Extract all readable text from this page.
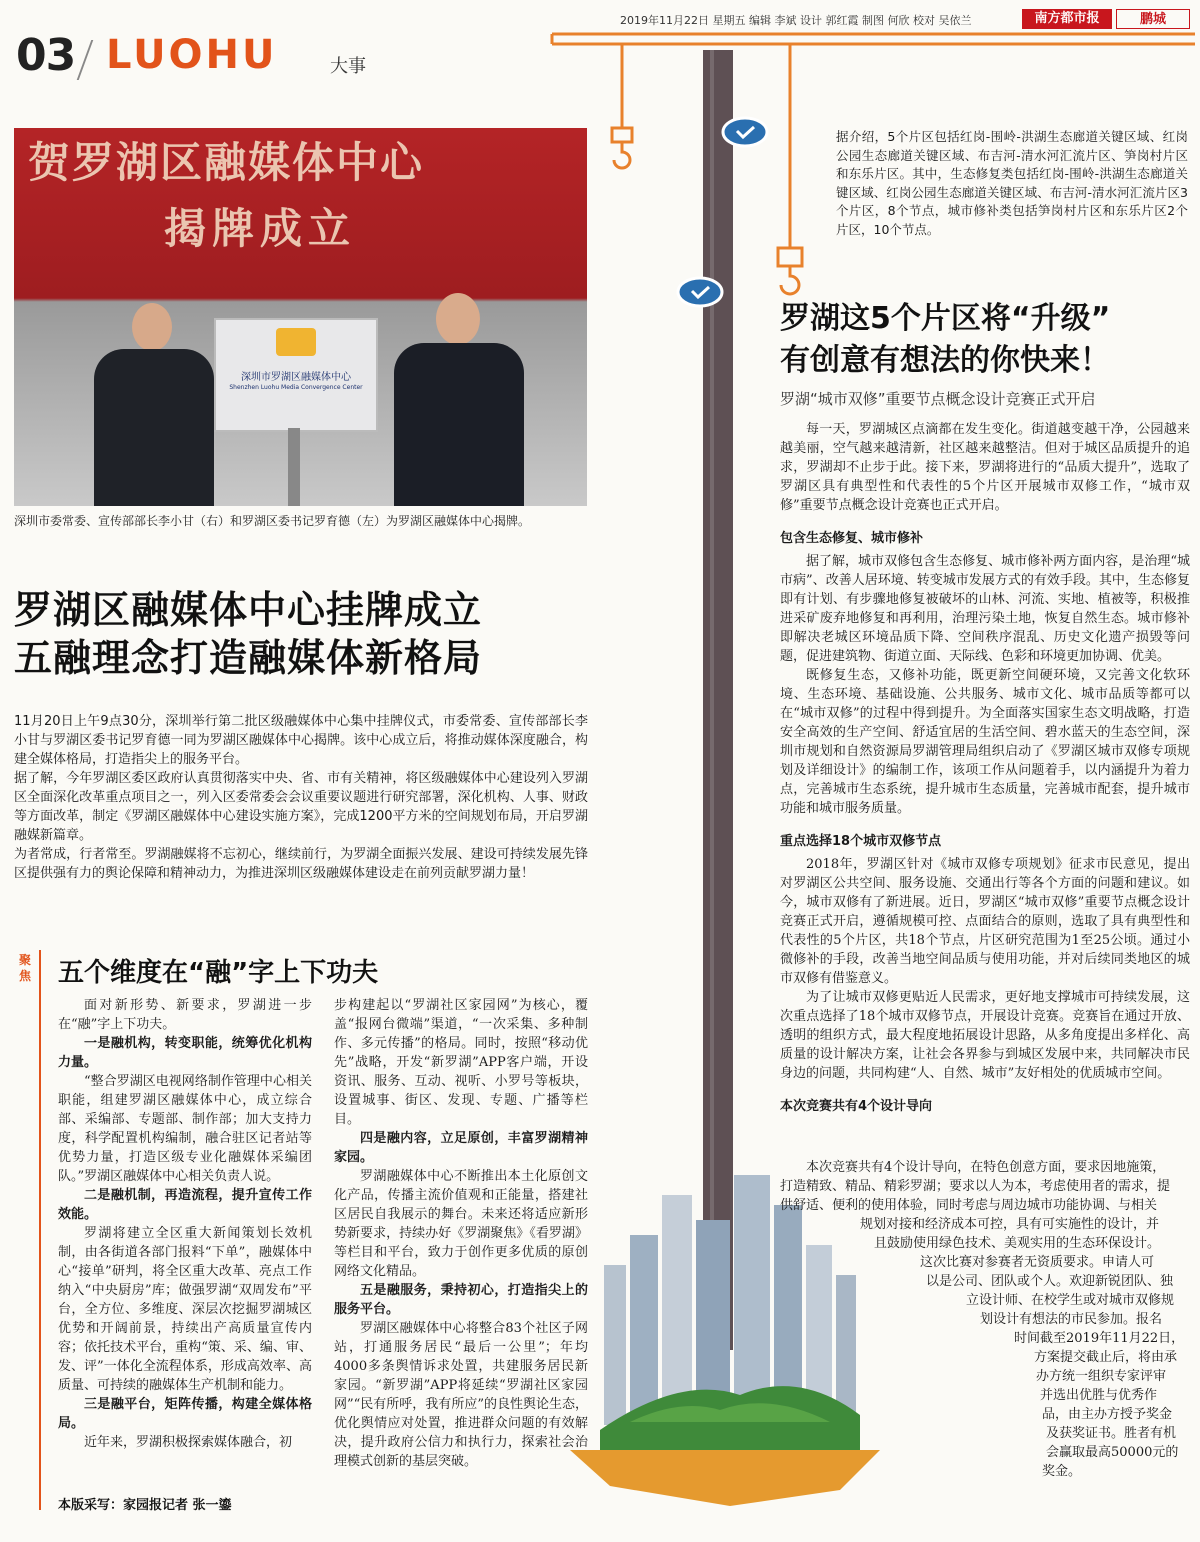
03 LUOHU	大事
2019年11月22日 星期五 编辑 李斌 设计 郭红霞 制图 何欣 校对 吴依兰	南方都市报	鹏城
贺罗湖区融媒体中心
揭牌成立
深圳市罗湖区融媒体中心
Shenzhen Luohu Media Convergence Center
深圳市委常委、宣传部部长李小甘（右）和罗湖区委书记罗育德（左）为罗湖区融媒体中心揭牌。
罗湖区融媒体中心挂牌成立
五融理念打造融媒体新格局

11月20日上午9点30分，深圳举行第二批区级融媒体中心集中挂牌仪式，市委常委、宣传部部长李小甘与罗湖区委书记罗育德一同为罗湖区融媒体中心揭牌。该中心成立后，将推动媒体深度融合，构建全媒体格局，打造指尖上的服务平台。

据了解，今年罗湖区委区政府认真贯彻落实中央、省、市有关精神，将区级融媒体中心建设列入罗湖区全面深化改革重点项目之一，列入区委常委会会议重要议题进行研究部署，深化机构、人事、财政等方面改革，制定《罗湖区融媒体中心建设实施方案》，完成1200平方米的空间规划布局，开启罗湖融媒新篇章。

为者常成，行者常至。罗湖融媒将不忘初心，继续前行，为罗湖全面振兴发展、建设可持续发展先锋区提供强有力的舆论保障和精神动力，为推进深圳区级融媒体建设走在前列贡献罗湖力量！

聚焦 五个维度在“融”字上下功夫

面对新形势、新要求，罗湖进一步在“融”字上下功夫。

一是融机构，转变职能，统筹优化机构力量。

“整合罗湖区电视网络制作管理中心相关职能，组建罗湖区融媒体中心，成立综合部、采编部、专题部、制作部；加大支持力度，科学配置机构编制，融合驻区记者站等优势力量，打造区级专业化融媒体采编团队。”罗湖区融媒体中心相关负责人说。

二是融机制，再造流程，提升宣传工作效能。

罗湖将建立全区重大新闻策划长效机制，由各街道各部门报料“下单”，融媒体中心“接单”研判，将全区重大改革、亮点工作纳入“中央厨房”库；做强罗湖“双周发布”平台，全方位、多维度、深层次挖掘罗湖城区优势和开阔前景，持续出产高质量宣传内容；依托技术平台，重构“策、采、编、审、发、评”一体化全流程体系，形成高效率、高质量、可持续的融媒体生产机制和能力。

三是融平台，矩阵传播，构建全媒体格局。

近年来，罗湖积极探索媒体融合，初

步构建起以“罗湖社区家园网”为核心，覆盖“报网台微端”渠道，“一次采集、多种制作、多元传播”的格局。同时，按照“移动优先”战略，开发“新罗湖”APP客户端，开设资讯、服务、互动、视听、小罗号等板块，设置城事、街区、发现、专题、广播等栏目。

四是融内容，立足原创，丰富罗湖精神家园。

罗湖融媒体中心不断推出本土化原创文化产品，传播主流价值观和正能量，搭建社区居民自我展示的舞台。未来还将适应新形势新要求，持续办好《罗湖聚焦》《看罗湖》等栏目和平台，致力于创作更多优质的原创网络文化精品。

五是融服务，秉持初心，打造指尖上的服务平台。

罗湖区融媒体中心将整合83个社区子网站，打通服务居民“最后一公里”；年均4000多条舆情诉求处置，共建服务居民新家园。“新罗湖”APP将延续“罗湖社区家园网”“民有所呼，我有所应”的良性舆论生态，优化舆情应对处置，推进群众问题的有效解决，提升政府公信力和执行力，探索社会治理模式创新的基层突破。

本版采写：家园报记者 张一鎏
据介绍，5个片区包括红岗-围岭-洪湖生态廊道关键区域、红岗公园生态廊道关键区域、布吉河-清水河汇流片区、笋岗村片区和东乐片区。其中，生态修复类包括红岗-围岭-洪湖生态廊道关键区域、红岗公园生态廊道关键区域、布吉河-清水河汇流片区3个片区，8个节点，城市修补类包括笋岗村片区和东乐片区2个片区，10个节点。
罗湖这5个片区将“升级”
有创意有想法的你快来！
罗湖“城市双修”重要节点概念设计竞赛正式开启

每一天，罗湖城区点滴都在发生变化。街道越变越干净，公园越来越美丽，空气越来越清新，社区越来越整洁。但对于城区品质提升的追求，罗湖却不止步于此。接下来，罗湖将进行的“品质大提升”，选取了罗湖区具有典型性和代表性的5个片区开展城市双修工作，“城市双修”重要节点概念设计竞赛也正式开启。

包含生态修复、城市修补

据了解，城市双修包含生态修复、城市修补两方面内容，是治理“城市病”、改善人居环境、转变城市发展方式的有效手段。其中，生态修复即有计划、有步骤地修复被破坏的山林、河流、实地、植被等，积极推进采矿废弃地修复和再利用，治理污染土地，恢复自然生态。城市修补即解决老城区环境品质下降、空间秩序混乱、历史文化遗产损毁等问题，促进建筑物、街道立面、天际线、色彩和环境更加协调、优美。

既修复生态，又修补功能，既更新空间硬环境，又完善文化软环境、生态环境、基础设施、公共服务、城市文化、城市品质等都可以在“城市双修”的过程中得到提升。为全面落实国家生态文明战略，打造安全高效的生产空间、舒适宜居的生活空间、碧水蓝天的生态空间，深圳市规划和自然资源局罗湖管理局组织启动了《罗湖区城市双修专项规划及详细设计》的编制工作，该项工作从问题着手，以内涵提升为着力点，完善城市生态系统，提升城市生态质量，完善城市配套，提升城市功能和城市服务质量。

重点选择18个城市双修节点

2018年，罗湖区针对《城市双修专项规划》征求市民意见，提出对罗湖区公共空间、服务设施、交通出行等各个方面的问题和建议。如今，城市双修有了新进展。近日，罗湖区“城市双修”重要节点概念设计竞赛正式开启，遵循规模可控、点面结合的原则，选取了具有典型性和代表性的5个片区，共18个节点，片区研究范围为1至25公顷。通过小微修补的手段，改善当地空间品质与使用功能，并对后续同类地区的城市双修有借鉴意义。

为了让城市双修更贴近人民需求，更好地支撑城市可持续发展，这次重点选择了18个城市双修节点，开展设计竞赛。竞赛旨在通过开放、透明的组织方式，最大程度地拓展设计思路，从多角度提出多样化、高质量的设计解决方案，让社会各界参与到城区发展中来，共同解决市民身边的问题，共同构建“人、自然、城市”友好相处的优质城市空间。

本次竞赛共有4个设计导向

本次竞赛共有4个设计导向，在特色创意方面，要求因地施策，
打造精致、精品、精彩罗湖；要求以人为本，考虑使用者的需求，提
供舒适、便利的使用体验，同时考虑与周边城市功能协调、与相关
规划对接和经济成本可控，具有可实施性的设计，并
且鼓励使用绿色技术、美观实用的生态环保设计。
这次比赛对参赛者无资质要求。申请人可
以是公司、团队或个人。欢迎新锐团队、独
立设计师、在校学生或对城市双修规
划设计有想法的市民参加。报名
时间截至2019年11月22日，
方案提交截止后，将由承
办方统一组织专家评审
并选出优胜与优秀作
品，由主办方授予奖金
及获奖证书。胜者有机
会赢取最高50000元的
奖金。
